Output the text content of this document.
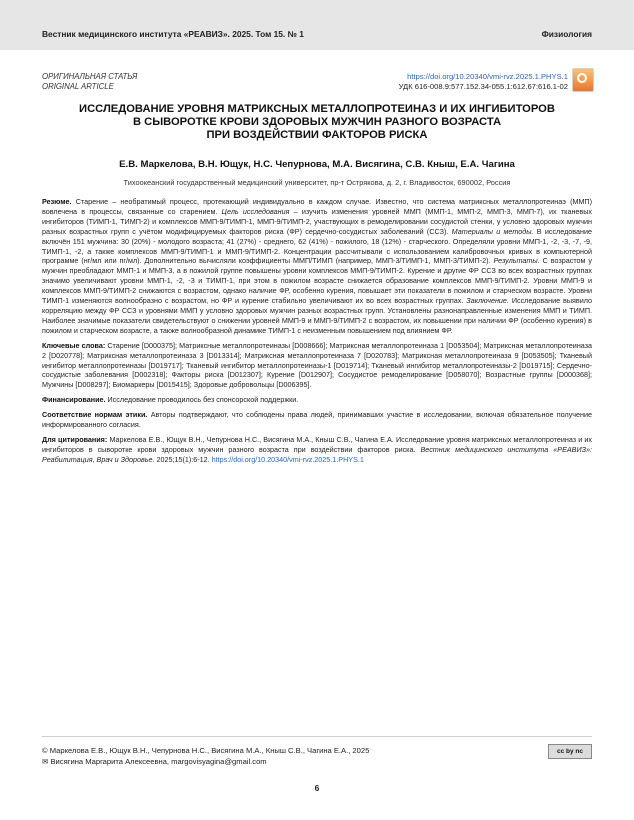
Вестник медицинского института «РЕАВИЗ». 2025. Том 15. № 1	Физиология
ОРИГИНАЛЬНАЯ СТАТЬЯ
ORIGINAL ARTICLE
https://doi.org/10.20340/vmi-rvz.2025.1.PHYS.1
УДК 616-008.9:577.152.34-055.1:612.67:616.1-02
ИССЛЕДОВАНИЕ УРОВНЯ МАТРИКСНЫХ МЕТАЛЛОПРОТЕИНАЗ И ИХ ИНГИБИТОРОВ
В СЫВОРОТКЕ КРОВИ ЗДОРОВЫХ МУЖЧИН РАЗНОГО ВОЗРАСТА
ПРИ ВОЗДЕЙСТВИИ ФАКТОРОВ РИСКА
Е.В. Маркелова, В.Н. Ющук, Н.С. Чепурнова, М.А. Висягина, С.В. Кныш, Е.А. Чагина
Тихоокеанский государственный медицинский университет, пр-т Острякова, д. 2, г. Владивосток, 690002, Россия

Резюме. Старение – необратимый процесс, протекающий индивидуально в каждом случае. Известно, что система матриксных металлопротеинаэ (ММП) вовлечена в процессы, связанные со старением. Цель исследования – изучить изменения уровней ММП (ММП-1, ММП-2, ММП-3, ММП-7), их тканевых ингибиторов (ТИМП-1, ТИМП-2) и комплексов ММП-9/ТИМП-1, ММП-9/ТИМП-2, участвующих в ремоделировании сосудистой стенки, у условно здоровых мужчин разных возрастных групп с учётом модифицируемых факторов риска (ФР) сердечно-сосудистых заболеваний (ССЗ). Материалы и методы. В исследование включён 151 мужчина: 30 (20%) - молодого возраста; 41 (27%) - среднего, 62 (41%) - пожилого, 18 (12%) - старческого. Определяли уровни ММП-1, -2, -3, -7, -9, ТИМП-1, -2, а также комплексов ММП-9/ТИМП-1 и ММП-9/ТИМП-2. Концентрации рассчитывали с использованием калибровочных кривых в компьютерной программе (нг/мл или пг/мл). Дополнительно вычисляли коэффициенты ММП/ТИМП (например, ММП-3/ТИМП-1, ММП-3/ТИМП-2). Результаты. С возрастом у мужчин преобладают ММП-1 и ММП-3, а в пожилой группе повышены уровни комплексов ММП-9/ТИМП-2. Курение и другие ФР ССЗ во всех возрастных группах значимо увеличивают уровни ММП-1, -2, -3 и ТИМП-1, при этом в пожилом возрасте снижается образование комплексов ММП-9/ТИМП-2. Уровни ММП-9 и комплексов ММП-9/ТИМП-2 снижаются с возрастом, однако наличие ФР, особенно курения, повышает эти показатели в пожилом и старческом возрасте. Уровни ТИМП-1 изменяются волнообразно с возрастом, но ФР и курение стабильно увеличивают их во всех возрастных группах. Заключение. Исследование выявило корреляцию между ФР ССЗ и уровнями ММП у условно здоровых мужчин разных возрастных групп. Установлены разнонаправленные изменения ММП и ТИМП. Наиболее значимые показатели свидетельствуют о снижении уровней ММП-9 и ММП-9/ТИМП-2 с возрастом, их повышении при наличии ФР (особенно курения) в пожилом и старческом возрасте, а также волнообразной динамике ТИМП-1 с неизменным повышением под влиянием ФР.

Ключевые слова: Старение [D000375]; Матриксные металлопротеиназы [D008666]; Матриксная металлопротеиназа 1 [D053504]; Матриксная металлопротеиназа 2 [D020778]; Матриксная металлопротеиназа 3 [D013314]; Матриксная металлопротеиназа 7 [D020783]; Матриксная металлопротеиназа 9 [D053505]; Тканевый ингибитор металлопротеиназы [D019717]; Тканевый ингибитор металлопротеиназы-1 [D019714]; Тканевый ингибитор металлопротеиназы-2 [D019715]; Сердечно-сосудистые заболевания [D002318]; Факторы риска [D012307]; Курение [D012907]; Сосудистое ремоделирование [D058070]; Возрастные группы [D000368]; Мужчины [D008297]; Биомаркеры [D015415]; Здоровые добровольцы [D006395].

Финансирование. Исследование проводилось без спонсорской поддержки.

Соответствие нормам этики. Авторы подтверждают, что соблюдены права людей, принимавших участие в исследовании, включая обязательное получение информированного согласия.

Для цитирования: Маркелова Е.В., Ющук В.Н., Чепурнова Н.С., Висягина М.А., Кныш С.В., Чагина Е.А. Исследование уровня матриксных металлопротеиназ и их ингибиторов в сыворотке крови здоровых мужчин разного возраста при воздействии факторов риска. Вестник медицинского института «РЕАВИЗ»: Реабилитация, Врач и Здоровье. 2025;15(1):6-12. https://doi.org/10.20340/vmi-rvz.2025.1.PHYS.1

© Маркелова Е.В., Ющук В.Н., Чепурнова Н.С., Висягина М.А., Кныш С.В., Чагина Е.А., 2025
✉ Висягина Маргарита Алексеевна, margovisyagina@gmail.com
cc by nc
6
